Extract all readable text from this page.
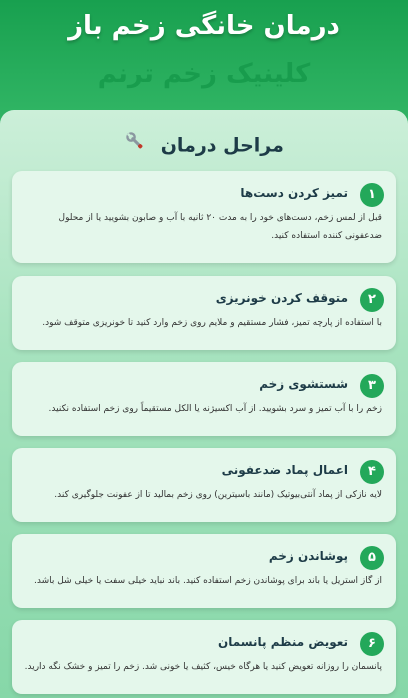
درمان خانگی زخم باز
کلینیک زخم ترنم
مراحل درمان
۱
تمیز کردن دست‌ها
قبل از لمس زخم، دست‌های خود را به مدت ۲۰ ثانیه با آب و صابون بشویید یا از محلول ضدعفونی کننده استفاده کنید.
۲
متوقف کردن خونریزی
با استفاده از پارچه تمیز، فشار مستقیم و ملایم روی زخم وارد کنید تا خونریزی متوقف شود.
۳
شستشوی زخم
زخم را با آب تمیز و سرد بشویید. از آب اکسیژنه یا الکل مستقیماً روی زخم استفاده نکنید.
۴
اعمال پماد ضدعفونی
لایه نازکی از پماد آنتی‌بیوتیک (مانند باسیترین) روی زخم بمالید تا از عفونت جلوگیری کند.
۵
پوشاندن زخم
از گاز استریل یا باند برای پوشاندن زخم استفاده کنید. باند نباید خیلی سفت یا خیلی شل باشد.
۶
تعویض منظم پانسمان
پانسمان را روزانه تعویض کنید یا هرگاه خیس، کثیف یا خونی شد. زخم را تمیز و خشک نگه دارید.
